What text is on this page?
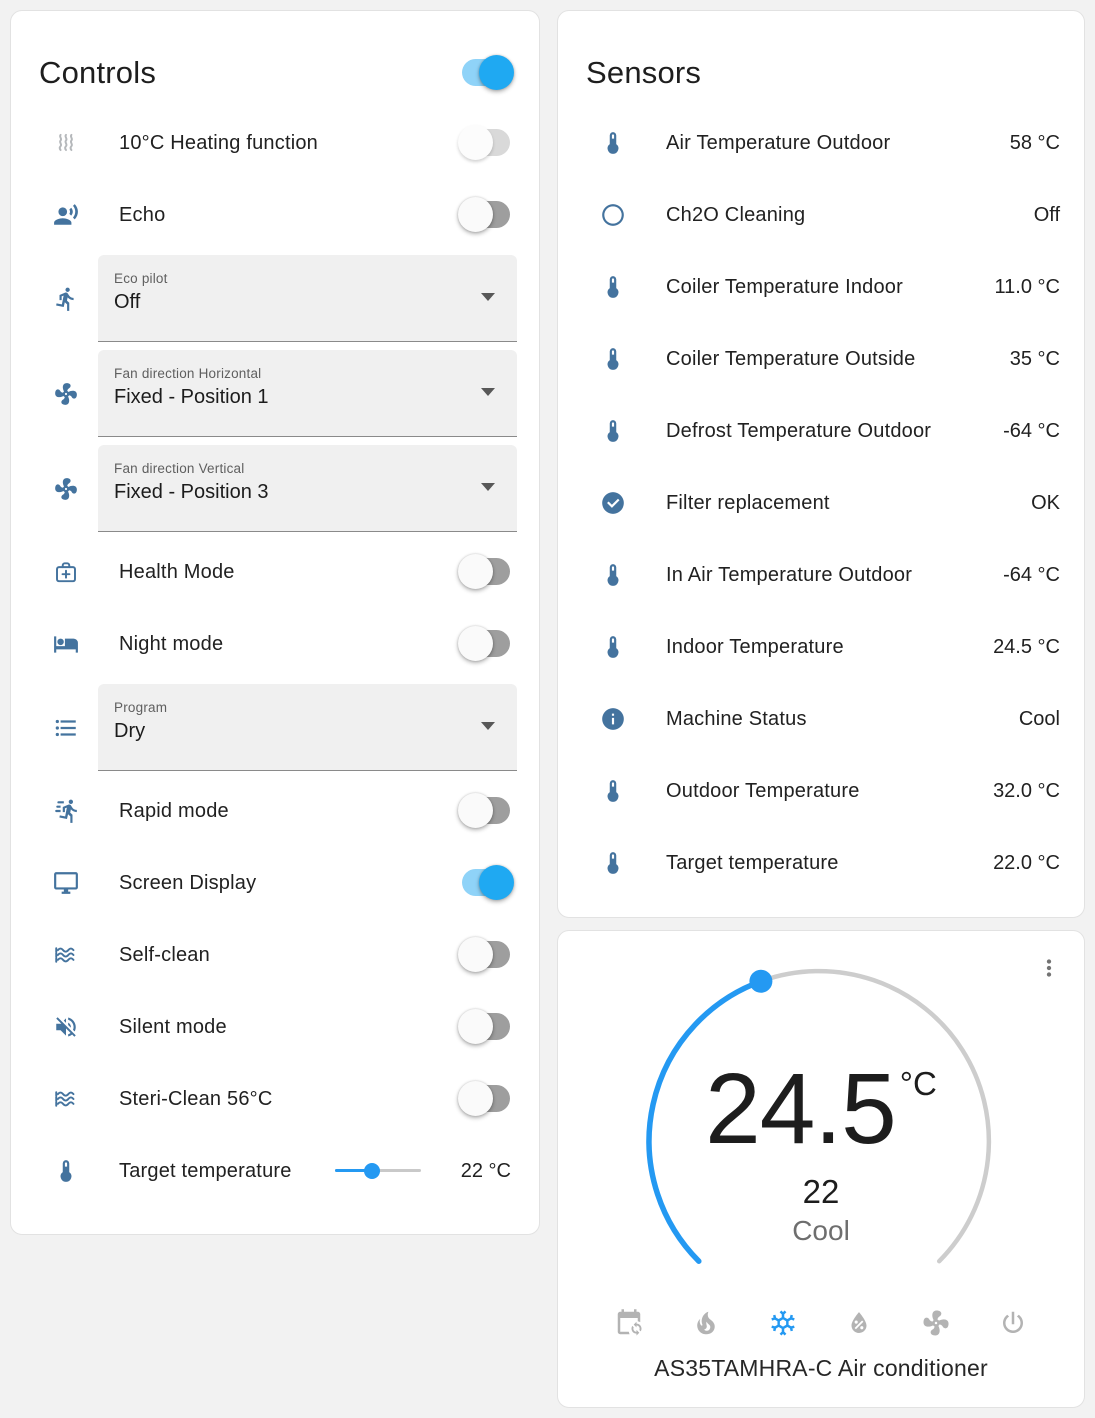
Controls
10°C Heating function
Echo
Eco pilot
Off
Fan direction Horizontal
Fixed - Position 1
Fan direction Vertical
Fixed - Position 3
Health Mode
Night mode
Program
Dry
Rapid mode
Screen Display
Self-clean
Silent mode
Steri-Clean 56°C
Target temperature	22 °C
Sensors
Air Temperature Outdoor	58 °C
Ch2O Cleaning	Off
Coiler Temperature Indoor	11.0 °C
Coiler Temperature Outside	35 °C
Defrost Temperature Outdoor	-64 °C
Filter replacement	OK
In Air Temperature Outdoor	-64 °C
Indoor Temperature	24.5 °C
Machine Status	Cool
Outdoor Temperature	32.0 °C
Target temperature	22.0 °C
24.5 °C
22
Cool
AS35TAMHRA-C Air conditioner
